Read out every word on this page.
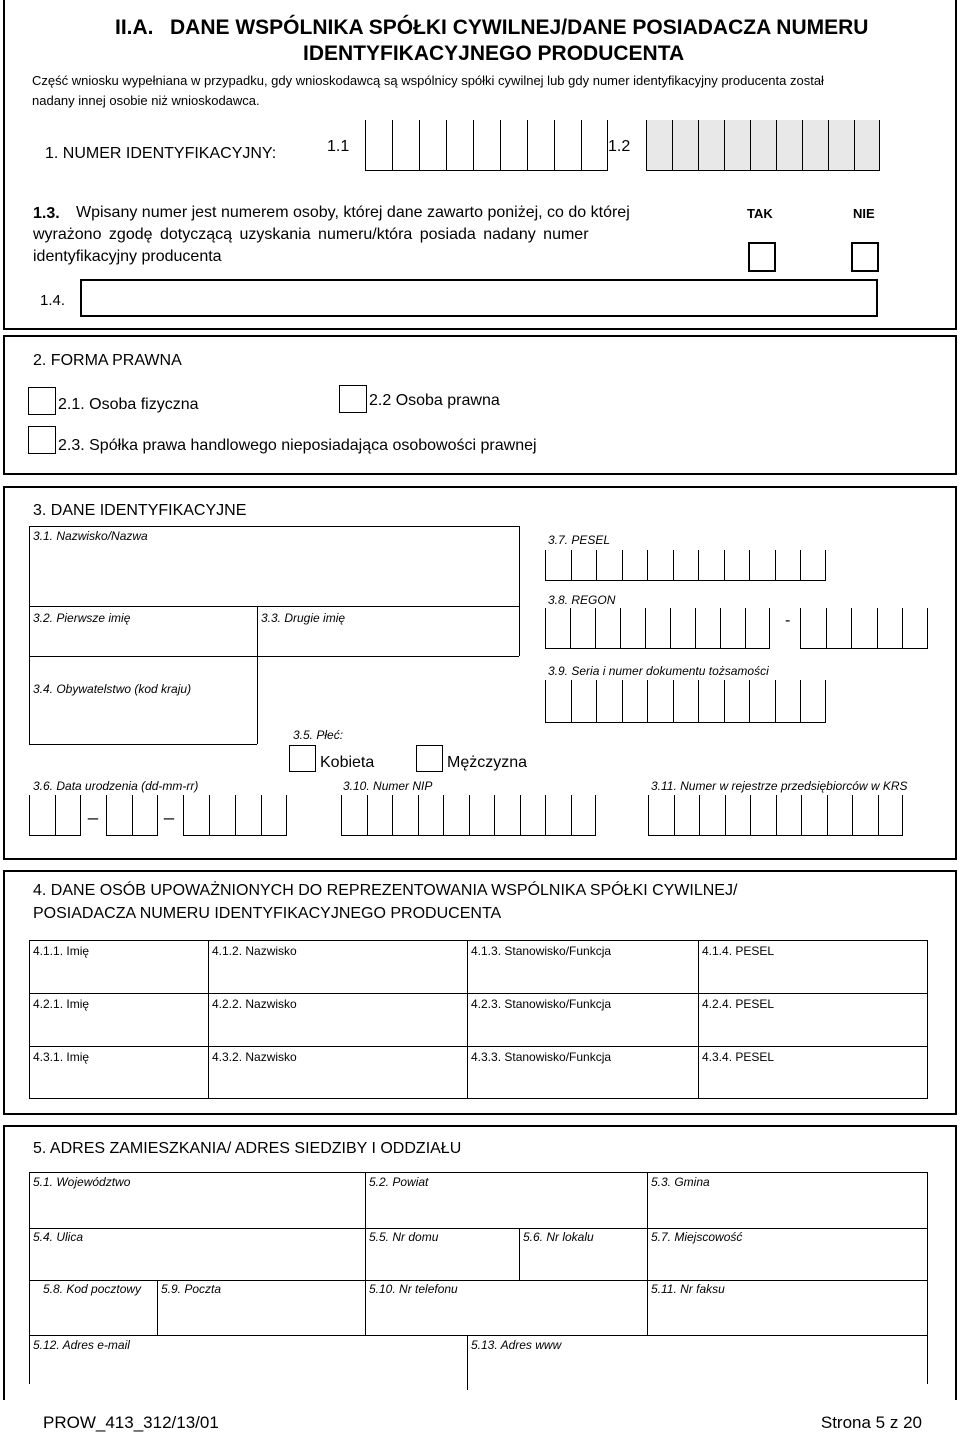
II.A. DANE WSPÓLNIKA SPÓŁKI CYWILNEJ/DANE POSIADACZA NUMERU
IDENTYFIKACYJNEGO PRODUCENTA
Część wniosku wypełniana w przypadku, gdy wnioskodawcą są wspólnicy spółki cywilnej lub gdy numer identyfikacyjny producenta został
nadany innej osobie niż wnioskodawca.
1. NUMER IDENTYFIKACYJNY:	1.1	1.2
1.3. Wpisany numer jest numerem osoby, której dane zawarto poniżej, co do której
wyrażono zgodę dotyczącą uzyskania numeru/która posiada nadany numer
identyfikacyjny producenta
TAK	NIE
1.4.
2. FORMA PRAWNA
2.1. Osoba fizyczna	2.2 Osoba prawna
2.3. Spółka prawa handlowego nieposiadająca osobowości prawnej
3. DANE IDENTYFIKACYJNE
3.1. Nazwisko/Nazwa
3.2. Pierwsze imię	3.3. Drugie imię
3.4. Obywatelstwo (kod kraju)
3.7. PESEL
3.8. REGON
-
3.9. Seria i numer dokumentu tożsamości
3.5. Płeć:
Kobieta	Mężczyzna
3.6. Data urodzenia (dd-mm-rr)
_	_
3.10. Numer NIP	3.11. Numer w rejestrze przedsiębiorców w KRS
4. DANE OSÓB UPOWAŻNIONYCH DO REPREZENTOWANIA WSPÓLNIKA SPÓŁKI CYWILNEJ/
POSIADACZA NUMERU IDENTYFIKACYJNEGO PRODUCENTA
4.1.1. Imię	4.1.2. Nazwisko	4.1.3. Stanowisko/Funkcja	4.1.4. PESEL
4.2.1. Imię	4.2.2. Nazwisko	4.2.3. Stanowisko/Funkcja	4.2.4. PESEL
4.3.1. Imię	4.3.2. Nazwisko	4.3.3. Stanowisko/Funkcja	4.3.4. PESEL
5. ADRES ZAMIESZKANIA/ ADRES SIEDZIBY I ODDZIAŁU
5.1. Województwo	5.2. Powiat	5.3. Gmina
5.4. Ulica	5.5. Nr domu	5.6. Nr lokalu	5.7. Miejscowość
5.8. Kod pocztowy 5.9. Poczta	5.10. Nr telefonu	5.11. Nr faksu
5.12. Adres e-mail	5.13. Adres www
PROW_413_312/13/01	Strona 5 z 20
